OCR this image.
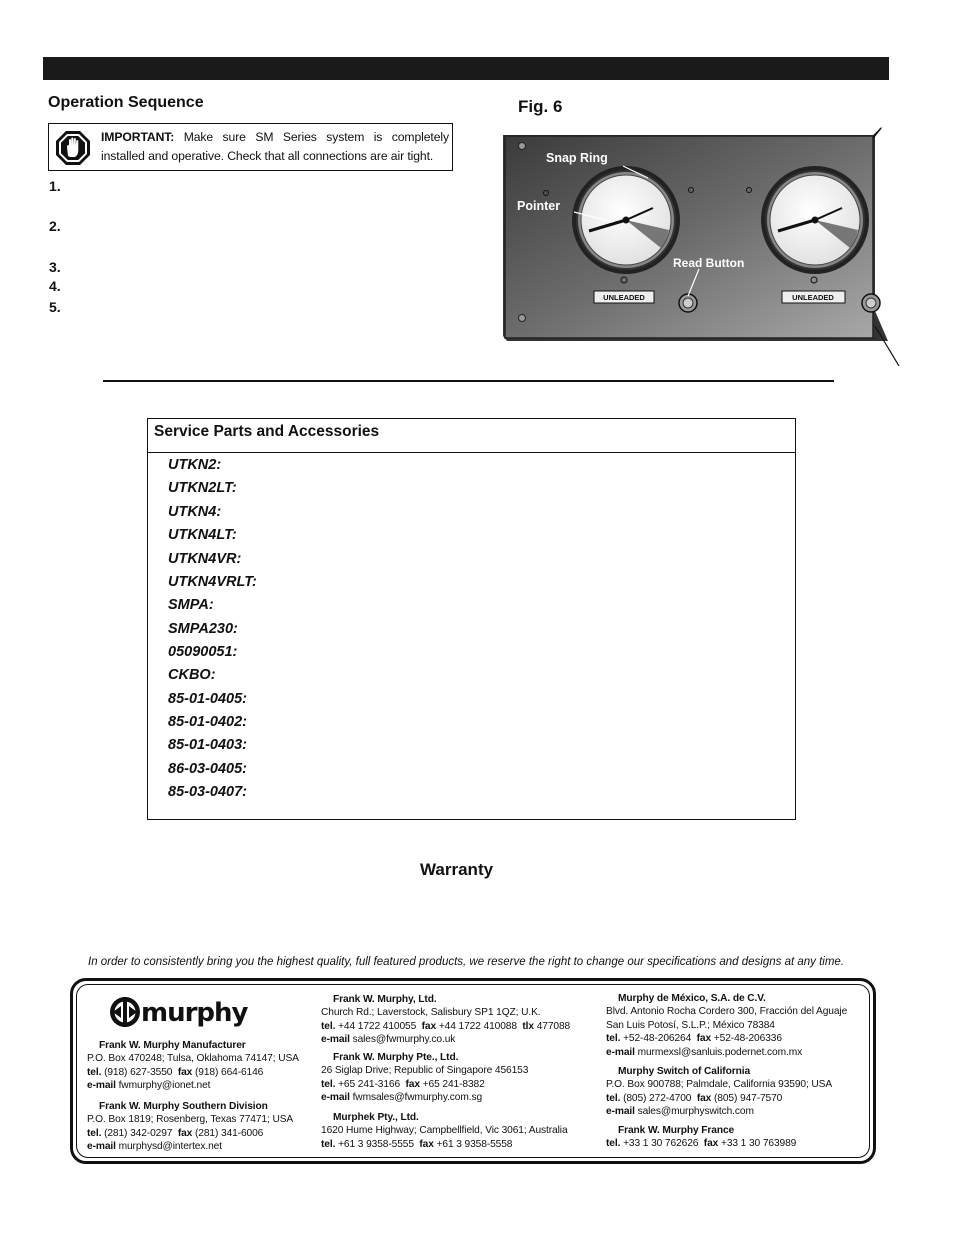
Operation Sequence	Fig. 6
IMPORTANT: Make sure SM Series system is completely installed and operative. Check that all connections are air tight.
1.
2.
3.
4.
5.
Snap Ring
Pointer
Read Button
UNLEADED	UNLEADED
Service Parts and Accessories
UTKN2:
UTKN2LT:
UTKN4:
UTKN4LT:
UTKN4VR:
UTKN4VRLT:
SMPA:
SMPA230:
05090051:
CKBO:
85-01-0405:
85-01-0402:
85-01-0403:
86-03-0405:
85-03-0407:
Warranty
In order to consistently bring you the highest quality, full featured products, we reserve the right to change our specifications and designs at any time.
murphy
Frank W. Murphy Manufacturer
P.O. Box 470248; Tulsa, Oklahoma 74147; USA
tel. (918) 627-3550 fax (918) 664-6146
e-mail fwmurphy@ionet.net
Frank W. Murphy Southern Division
P.O. Box 1819; Rosenberg, Texas 77471; USA
tel. (281) 342-0297 fax (281) 341-6006
e-mail murphysd@intertex.net
Frank W. Murphy, Ltd.
Church Rd.; Laverstock, Salisbury SP1 1QZ; U.K.
tel. +44 1722 410055 fax +44 1722 410088 tlx 477088
e-mail sales@fwmurphy.co.uk
Frank W. Murphy Pte., Ltd.
26 Siglap Drive; Republic of Singapore 456153
tel. +65 241-3166 fax +65 241-8382
e-mail fwmsales@fwmurphy.com.sg
Murphek Pty., Ltd.
1620 Hume Highway; Campbellfield, Vic 3061; Australia
tel. +61 3 9358-5555 fax +61 3 9358-5558
Murphy de México, S.A. de C.V.
Blvd. Antonio Rocha Cordero 300, Fracción del Aguaje
San Luis Potosí, S.L.P.; México 78384
tel. +52-48-206264 fax +52-48-206336
e-mail murmexsl@sanluis.podernet.com.mx
Murphy Switch of California
P.O. Box 900788; Palmdale, California 93590; USA
tel. (805) 272-4700 fax (805) 947-7570
e-mail sales@murphyswitch.com
Frank W. Murphy France
tel. +33 1 30 762626 fax +33 1 30 763989
